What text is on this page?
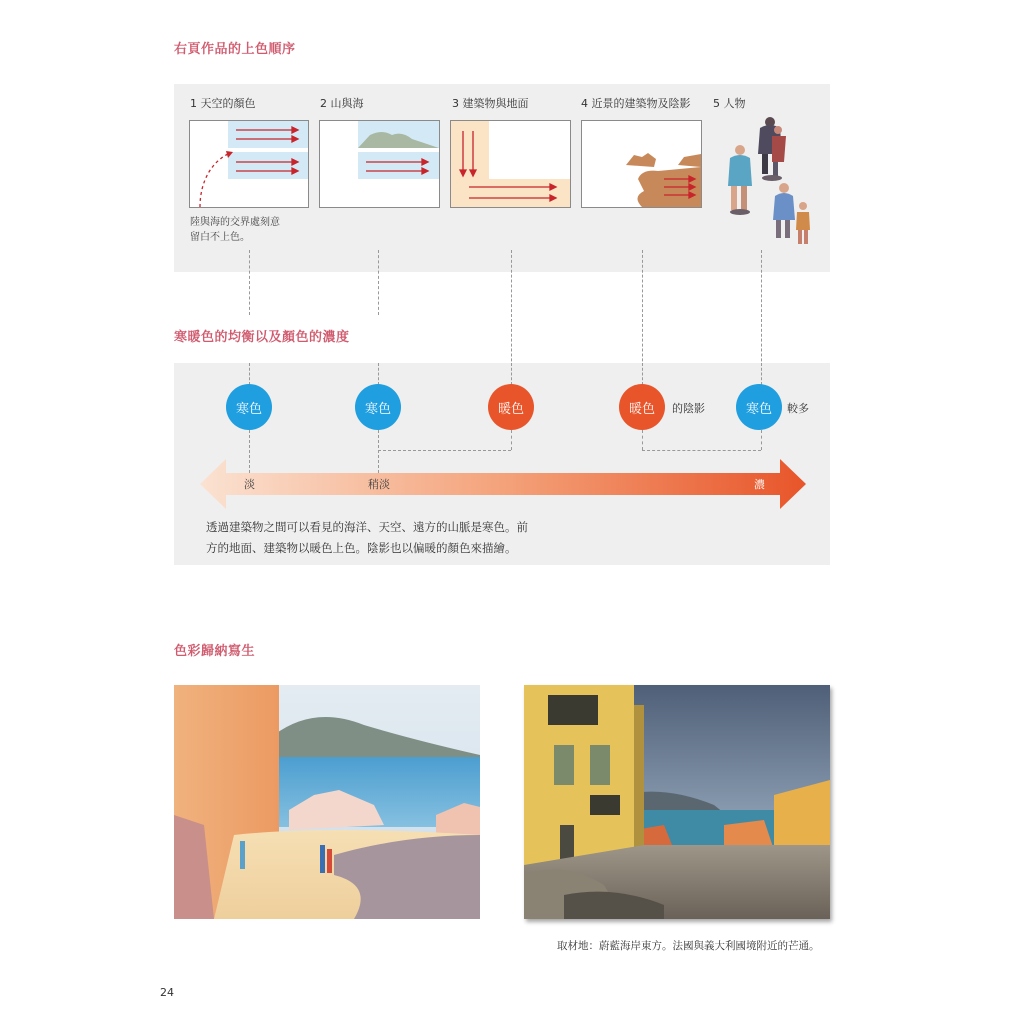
右頁作品的上色順序
1 天空的顏色	2 山與海	3 建築物與地面	4 近景的建築物及陰影 5 人物
陸與海的交界處刻意
留白不上色。
寒暖色的均衡以及顏色的濃度
寒色	寒色	暖色	暖色	的陰影	寒色	較多
淡	稍淡	濃
透過建築物之間可以看見的海洋、天空、遠方的山脈是寒色。前
方的地面、建築物以暖色上色。陰影也以偏暖的顏色來描繪。
色彩歸納寫生
取材地：蔚藍海岸東方。法國與義大利國境附近的芒通。
24
